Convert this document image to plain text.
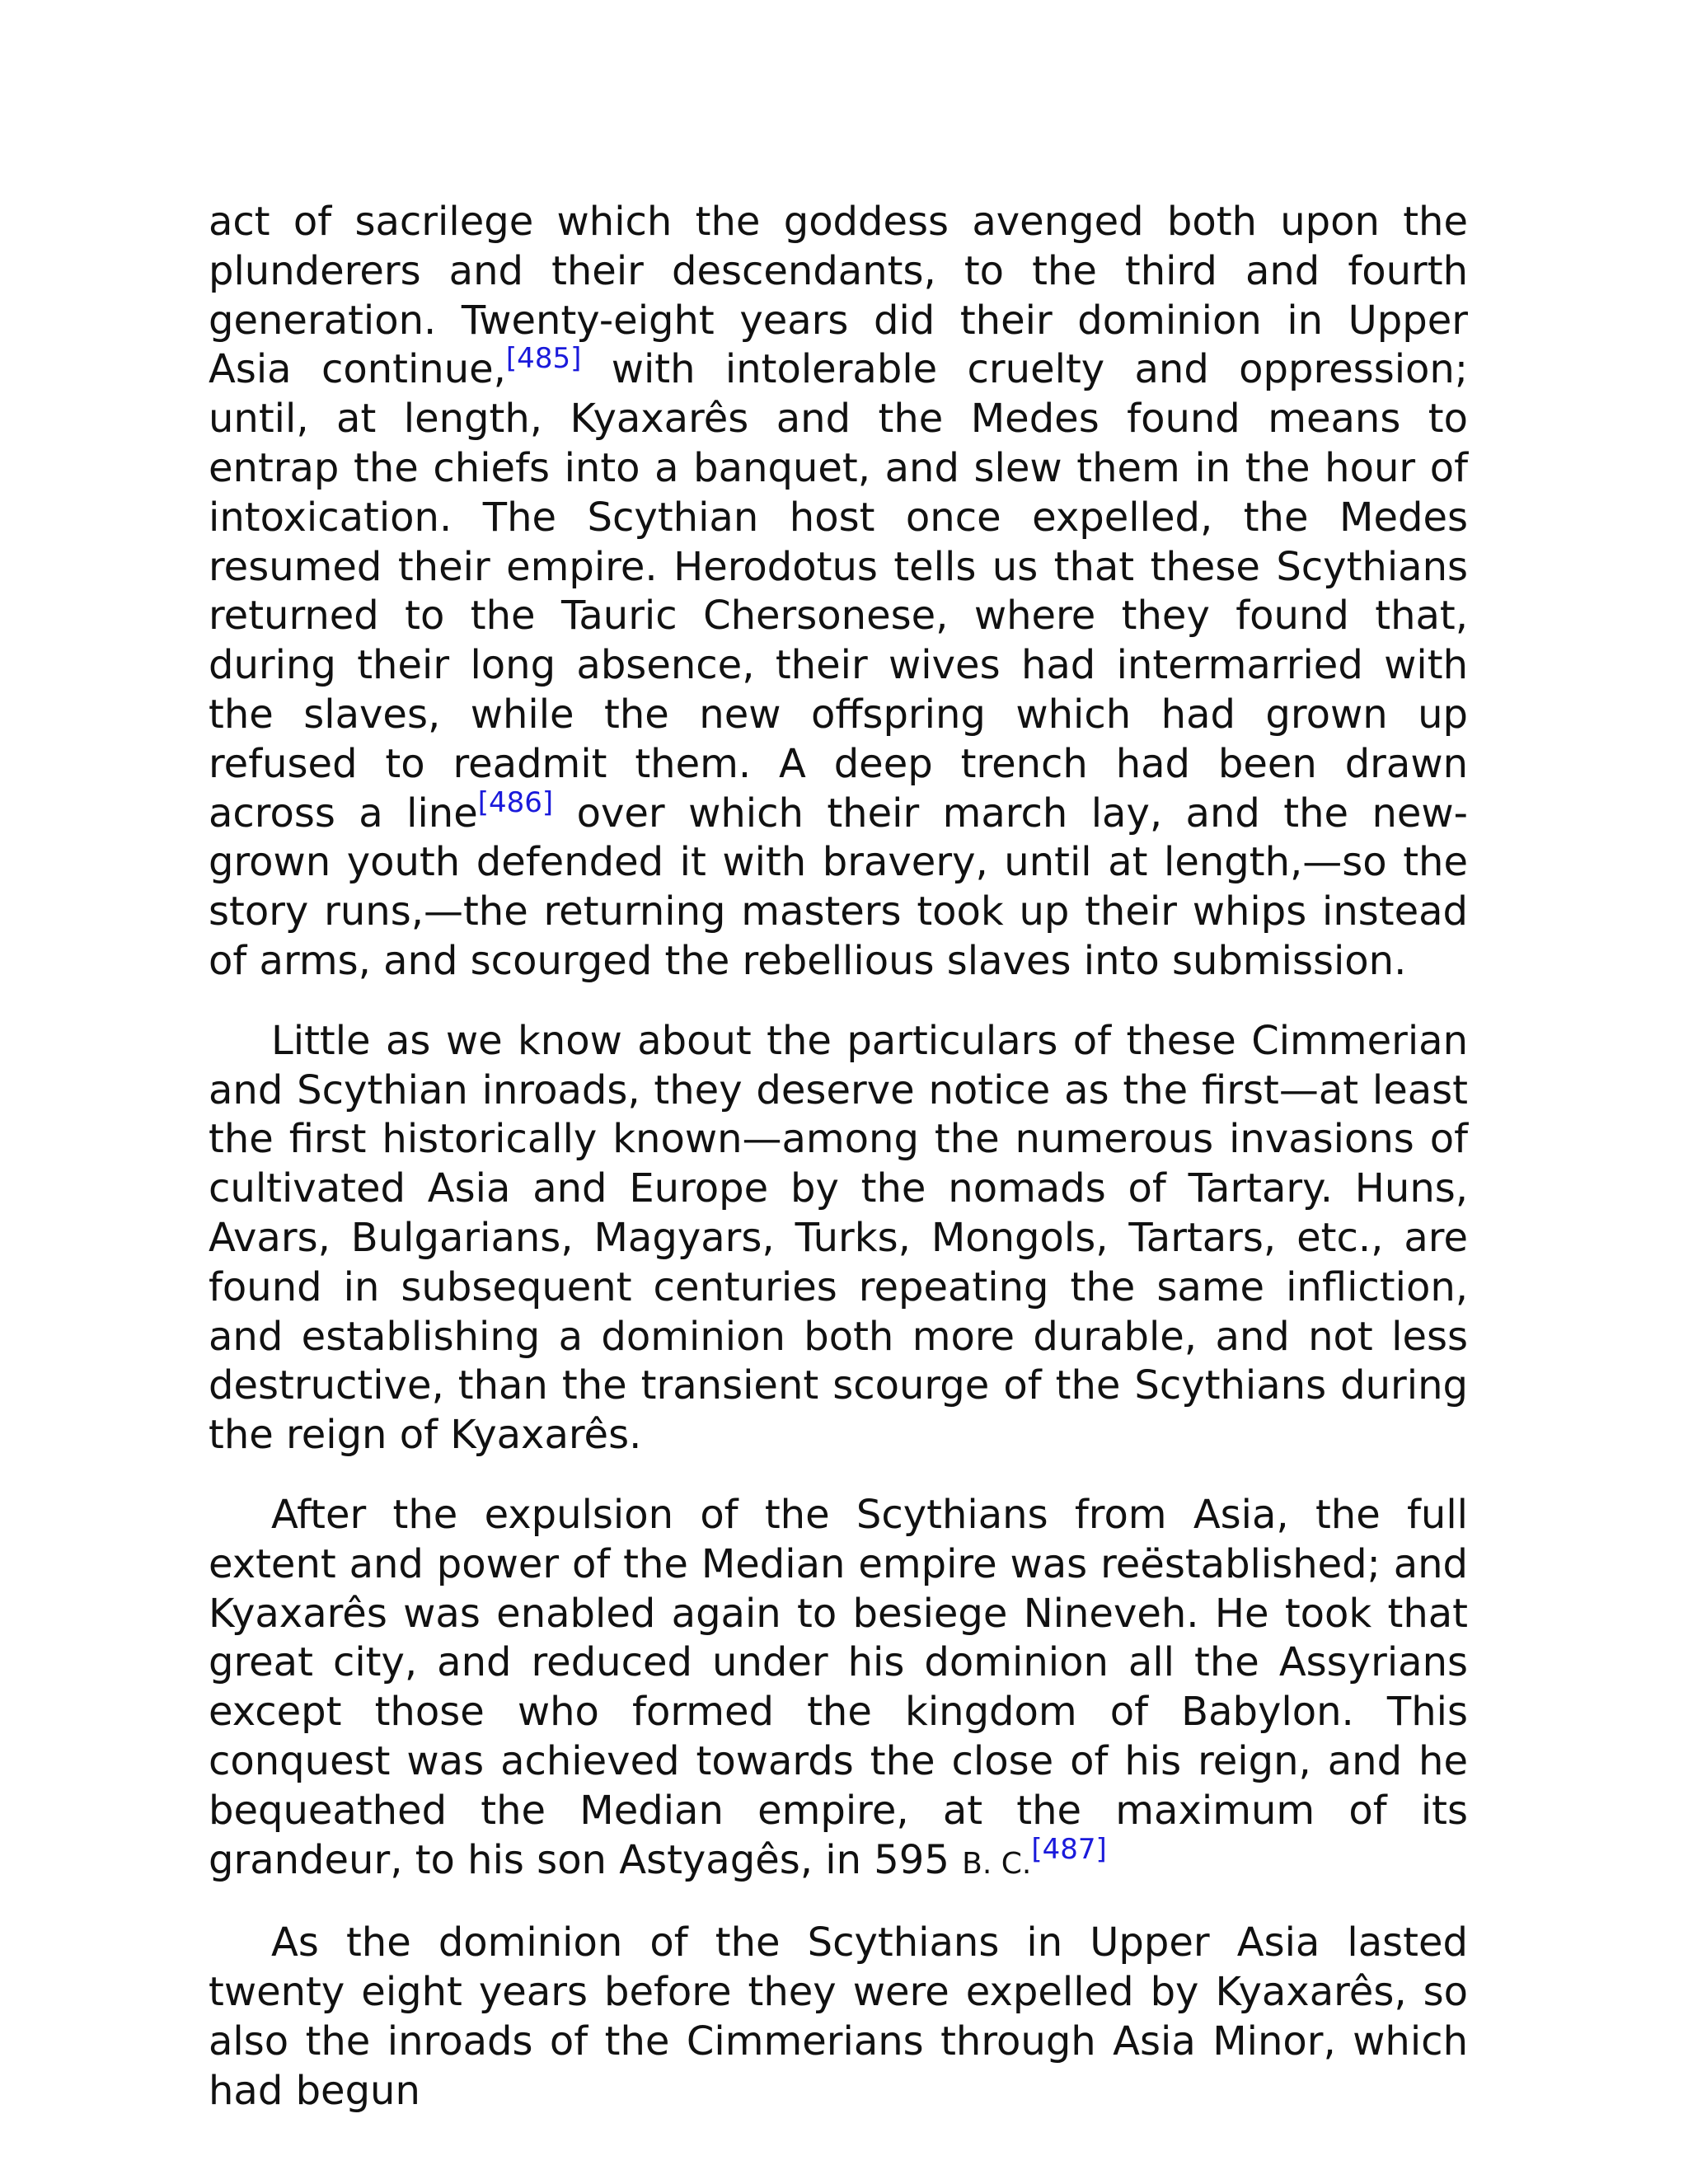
act of sacrilege which the goddess avenged both upon the plunderers and their descendants, to the third and fourth generation. Twenty-eight years did their dominion in Upper Asia continue,[485] with intolerable cruelty and oppression; until, at length, Kyaxarês and the Medes found means to entrap the chiefs into a banquet, and slew them in the hour of intoxication. The Scythian host once expelled, the Medes resumed their empire. Herodotus tells us that these Scythians returned to the Tauric Chersonese, where they found that, during their long absence, their wives had intermarried with the slaves, while the new offspring which had grown up refused to readmit them. A deep trench had been drawn across a line[486] over which their march lay, and the new-grown youth defended it with bravery, until at length,—so the story runs,—the returning masters took up their whips instead of arms, and scourged the rebellious slaves into submission.

Little as we know about the particulars of these Cimmerian and Scythian inroads, they deserve notice as the first—at least the first historically known—among the numerous invasions of cultivated Asia and Europe by the nomads of Tartary. Huns, Avars, Bulgarians, Magyars, Turks, Mongols, Tartars, etc., are found in subsequent centuries repeating the same infliction, and establishing a dominion both more durable, and not less destructive, than the transient scourge of the Scythians during the reign of Kyaxarês.

After the expulsion of the Scythians from Asia, the full extent and power of the Median empire was reëstablished; and Kyaxarês was enabled again to besiege Nineveh. He took that great city, and reduced under his dominion all the Assyrians except those who formed the kingdom of Babylon. This conquest was achieved towards the close of his reign, and he bequeathed the Median empire, at the maximum of its grandeur, to his son Astyagês, in 595 B. C.[487]

As the dominion of the Scythians in Upper Asia lasted twenty eight years before they were expelled by Kyaxarês, so also the inroads of the Cimmerians through Asia Minor, which had begun
